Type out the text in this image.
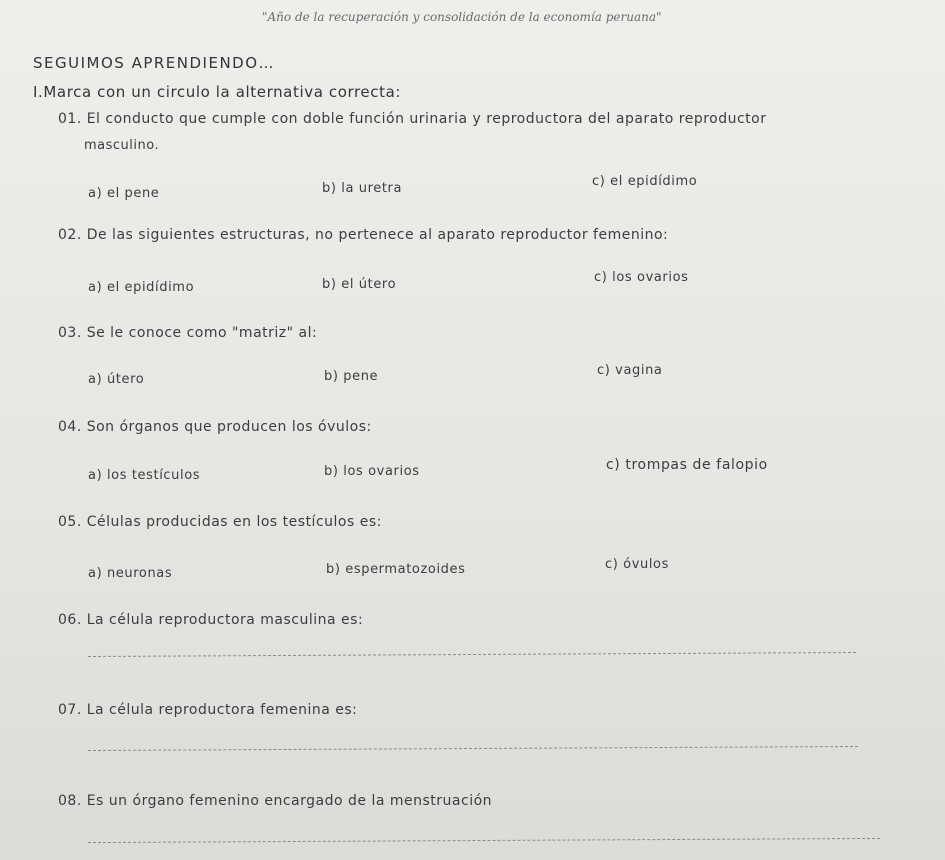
"Año de la recuperación y consolidación de la economía peruana"
SEGUIMOS APRENDIENDO…
I.Marca con un circulo la alternativa correcta:
01. El conducto que cumple con doble función urinaria y reproductora del aparato reproductor
masculino.
a) el pene	b) la uretra	c) el epidídimo
02. De las siguientes estructuras, no pertenece al aparato reproductor femenino:
a) el epidídimo	b) el útero	c) los ovarios
03. Se le conoce como "matriz" al:
a) útero	b) pene	c) vagina
04. Son órganos que producen los óvulos:
a) los testículos	b) los ovarios	c) trompas de falopio
05. Células producidas en los testículos es:
a) neuronas	b) espermatozoides	c) óvulos
06. La célula reproductora masculina es:
07. La célula reproductora femenina es:
08. Es un órgano femenino encargado de la menstruación
